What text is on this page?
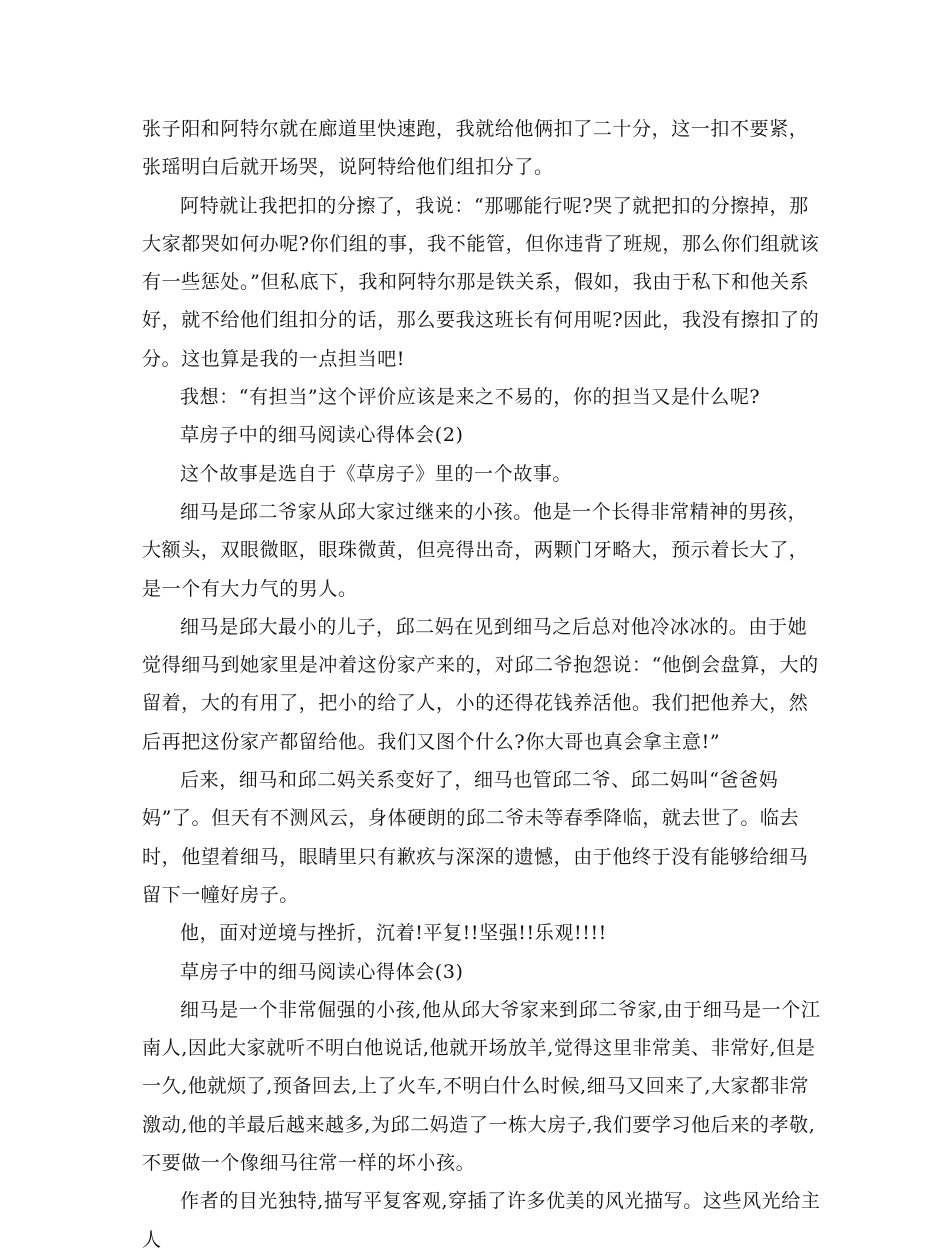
张子阳和阿特尔就在廊道里快速跑，我就给他俩扣了二十分，这一扣不要紧，张瑶明白后就开场哭，说阿特给他们组扣分了。

阿特就让我把扣的分擦了，我说：“那哪能行呢?哭了就把扣的分擦掉，那大家都哭如何办呢?你们组的事，我不能管，但你违背了班规，那么你们组就该有一些惩处。”但私底下，我和阿特尔那是铁关系，假如，我由于私下和他关系好，就不给他们组扣分的话，那么要我这班长有何用呢?因此，我没有擦扣了的分。这也算是我的一点担当吧!

我想：“有担当”这个评价应该是来之不易的，你的担当又是什么呢?

草房子中的细马阅读心得体会(2)

这个故事是选自于《草房子》里的一个故事。

细马是邱二爷家从邱大家过继来的小孩。他是一个长得非常精神的男孩，大额头，双眼微眍，眼珠微黄，但亮得出奇，两颗门牙略大，预示着长大了，是一个有大力气的男人。

细马是邱大最小的儿子，邱二妈在见到细马之后总对他冷冰冰的。由于她觉得细马到她家里是冲着这份家产来的，对邱二爷抱怨说：“他倒会盘算，大的留着，大的有用了，把小的给了人，小的还得花钱养活他。我们把他养大，然后再把这份家产都留给他。我们又图个什么?你大哥也真会拿主意!”

后来，细马和邱二妈关系变好了，细马也管邱二爷、邱二妈叫“爸爸妈妈”了。但天有不测风云，身体硬朗的邱二爷未等春季降临，就去世了。临去时，他望着细马，眼睛里只有歉疚与深深的遗憾，由于他终于没有能够给细马留下一幢好房子。

他，面对逆境与挫折，沉着!平复!!坚强!!乐观!!!!

草房子中的细马阅读心得体会(3)

细马是一个非常倔强的小孩,他从邱大爷家来到邱二爷家,由于细马是一个江南人,因此大家就听不明白他说话,他就开场放羊,觉得这里非常美、非常好,但是一久,他就烦了,预备回去,上了火车,不明白什么时候,细马又回来了,大家都非常激动,他的羊最后越来越多,为邱二妈造了一栋大房子,我们要学习他后来的孝敬,不要做一个像细马往常一样的坏小孩。

作者的目光独特,描写平复客观,穿插了许多优美的风光描写。这些风光给主人
